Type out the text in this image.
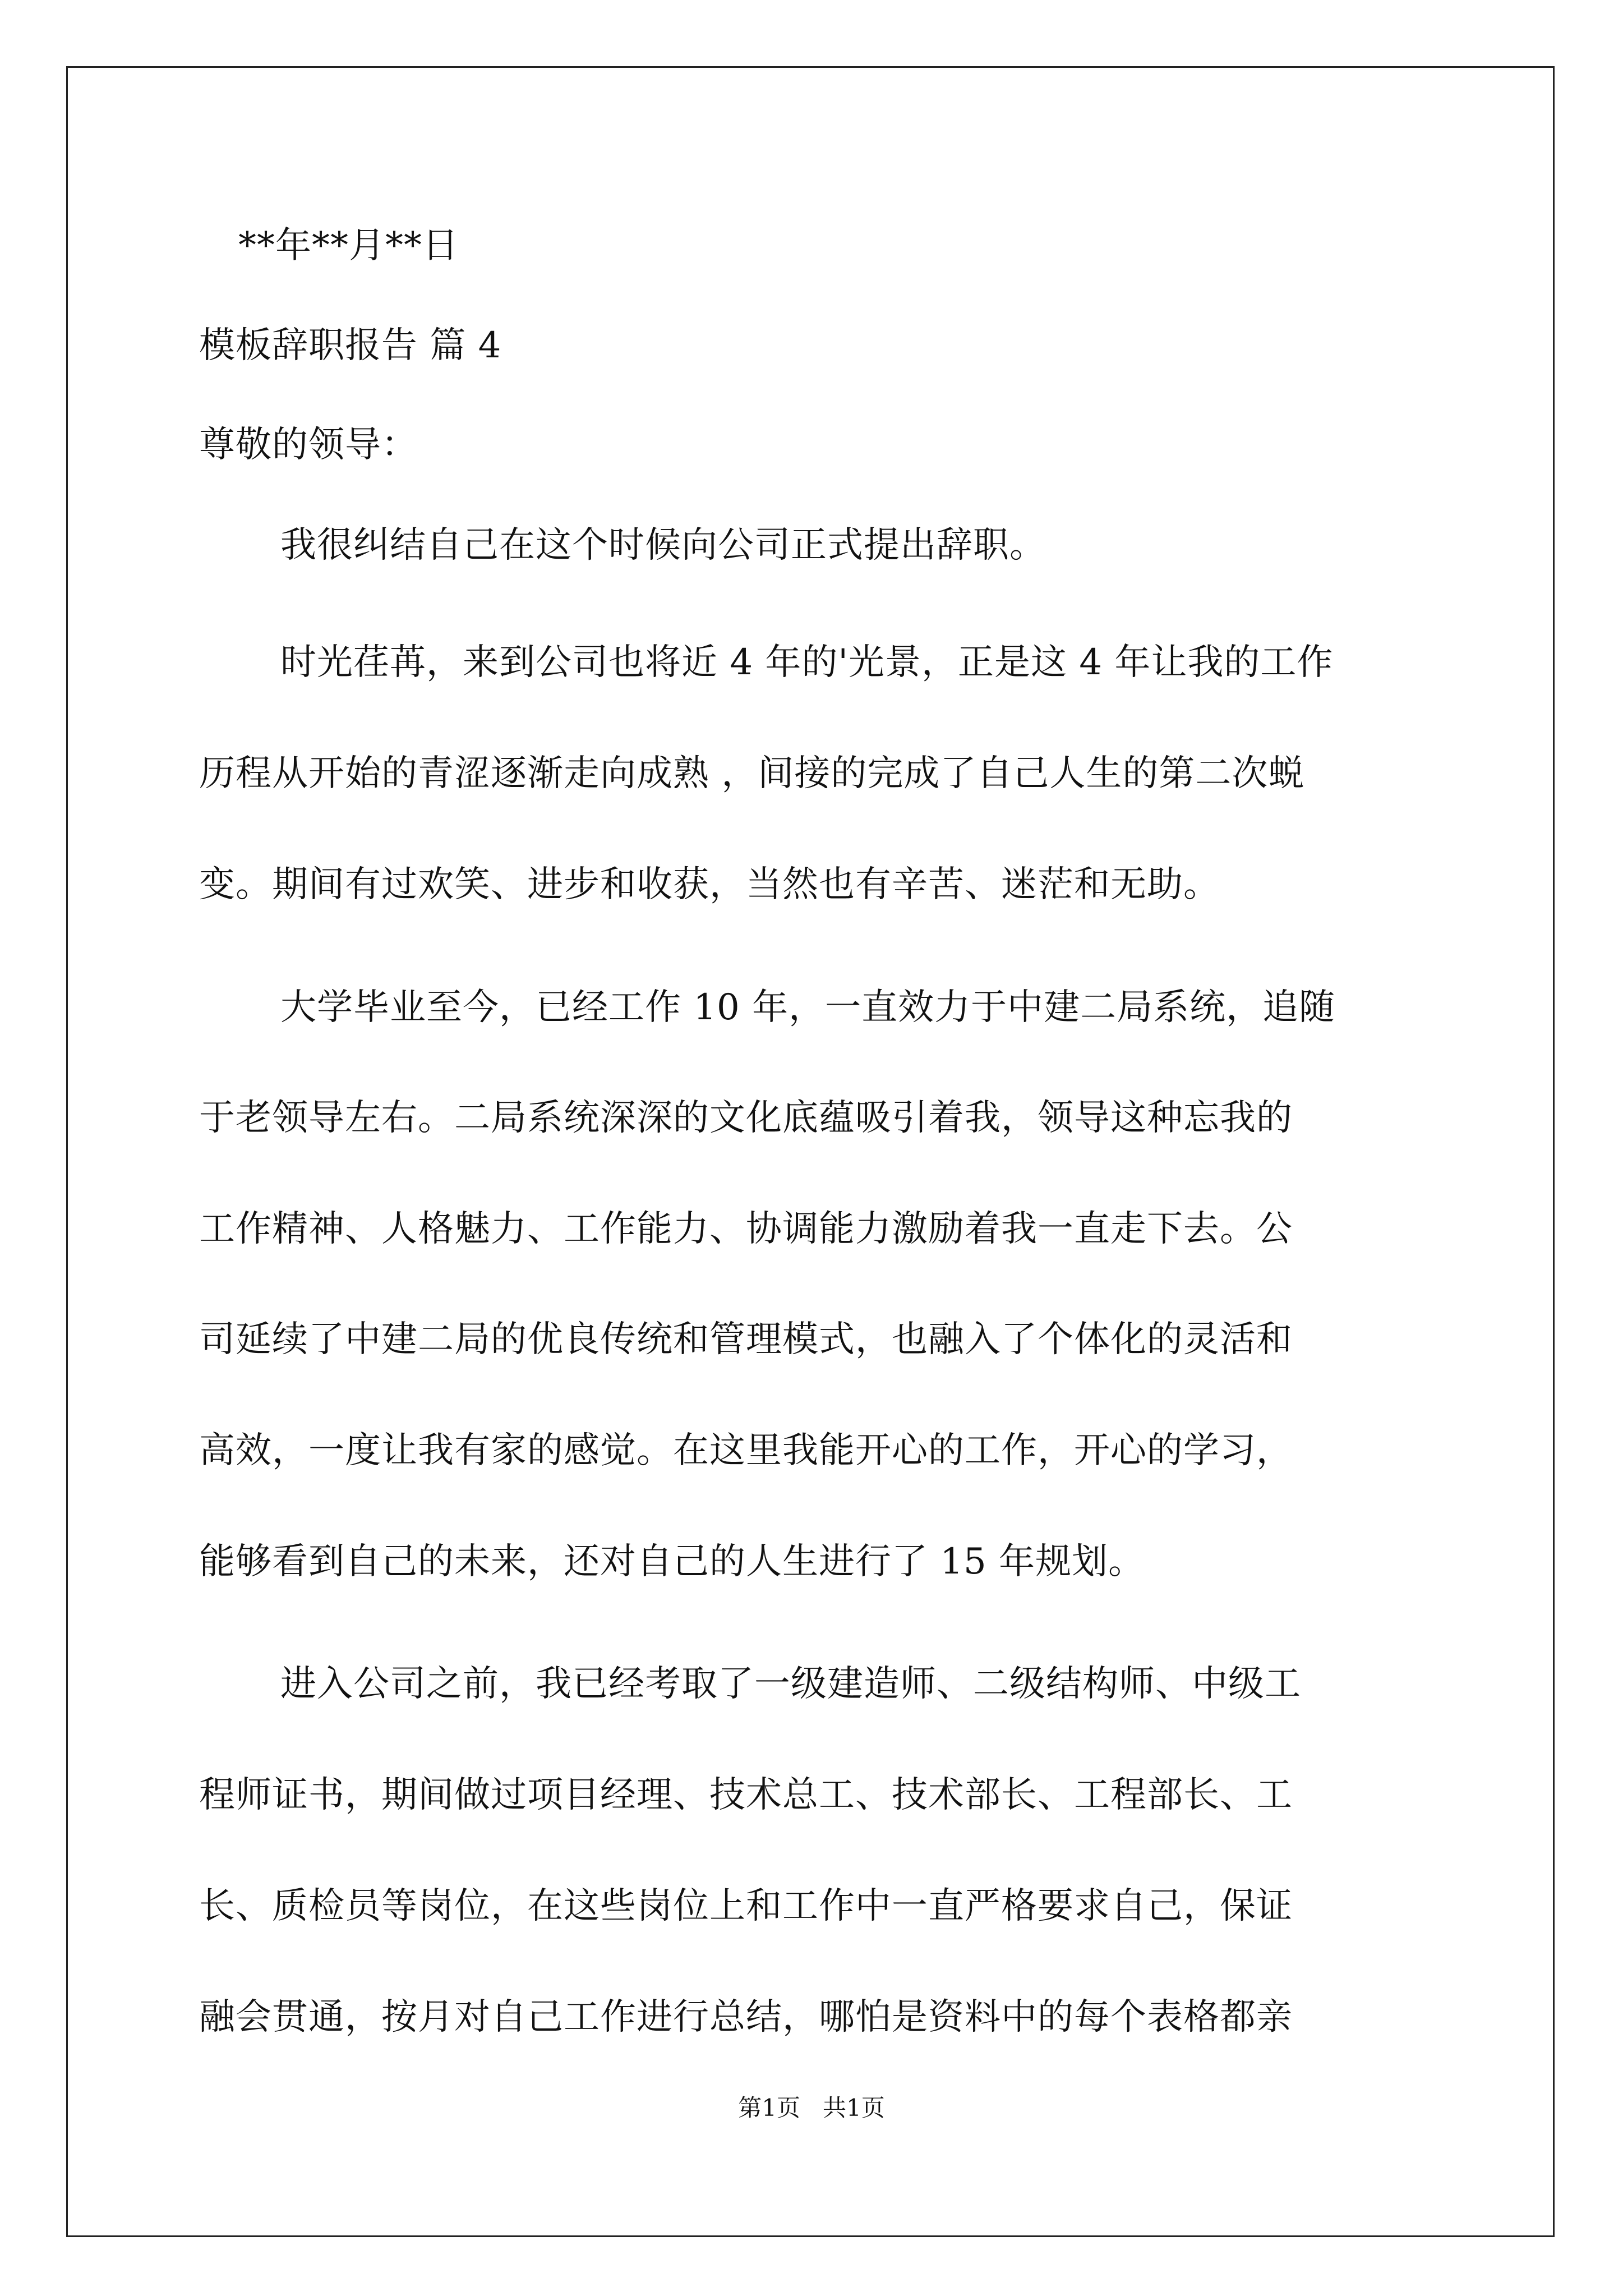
**年**月**日
模板辞职报告 篇 4
尊敬的领导：
我很纠结自己在这个时候向公司正式提出辞职。
时光荏苒，来到公司也将近 4 年的'光景，正是这 4 年让我的工作
历程从开始的青涩逐渐走向成熟 ，间接的完成了自己人生的第二次蜕
变。期间有过欢笑、进步和收获，当然也有辛苦、迷茫和无助。
大学毕业至今，已经工作 10 年，一直效力于中建二局系统，追随
于老领导左右。二局系统深深的文化底蕴吸引着我，领导这种忘我的
工作精神、人格魅力、工作能力、协调能力激励着我一直走下去。公
司延续了中建二局的优良传统和管理模式，也融入了个体化的灵活和
高效，一度让我有家的感觉。在这里我能开心的工作，开心的学习，
能够看到自己的未来，还对自己的人生进行了 15 年规划。
进入公司之前，我已经考取了一级建造师、二级结构师、中级工
程师证书，期间做过项目经理、技术总工、技术部长、工程部长、工
长、质检员等岗位，在这些岗位上和工作中一直严格要求自己，保证
融会贯通，按月对自己工作进行总结，哪怕是资料中的每个表格都亲
第1页   共1页
